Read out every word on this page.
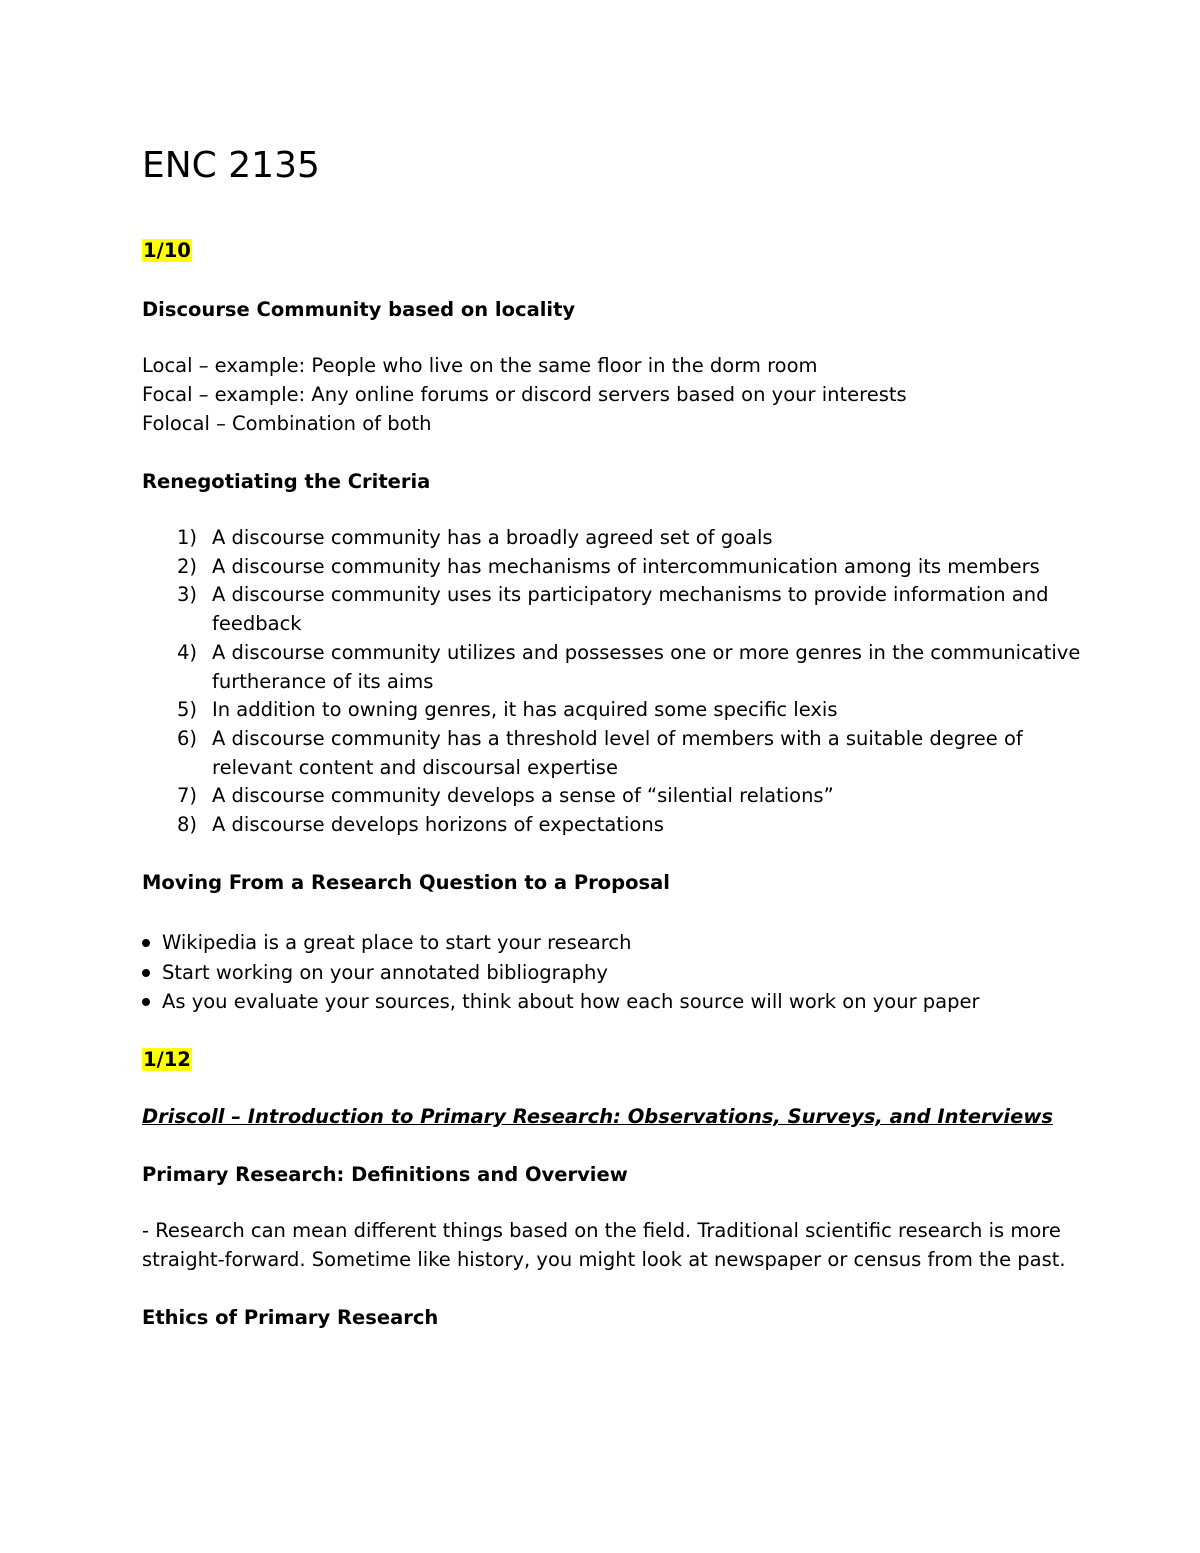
ENC 2135
1/10
Discourse Community based on locality
Local – example: People who live on the same floor in the dorm room
Focal – example: Any online forums or discord servers based on your interests
Folocal – Combination of both
Renegotiating the Criteria
1) A discourse community has a broadly agreed set of goals
2) A discourse community has mechanisms of intercommunication among its members
3) A discourse community uses its participatory mechanisms to provide information and feedback
4) A discourse community utilizes and possesses one or more genres in the communicative furtherance of its aims
5) In addition to owning genres, it has acquired some specific lexis
6) A discourse community has a threshold level of members with a suitable degree of relevant content and discoursal expertise
7) A discourse community develops a sense of “silential relations”
8) A discourse develops horizons of expectations
Moving From a Research Question to a Proposal
Wikipedia is a great place to start your research
Start working on your annotated bibliography
As you evaluate your sources, think about how each source will work on your paper
1/12
Driscoll – Introduction to Primary Research: Observations, Surveys, and Interviews
Primary Research: Definitions and Overview
- Research can mean different things based on the field. Traditional scientific research is more
straight-forward. Sometime like history, you might look at newspaper or census from the past.
Ethics of Primary Research
